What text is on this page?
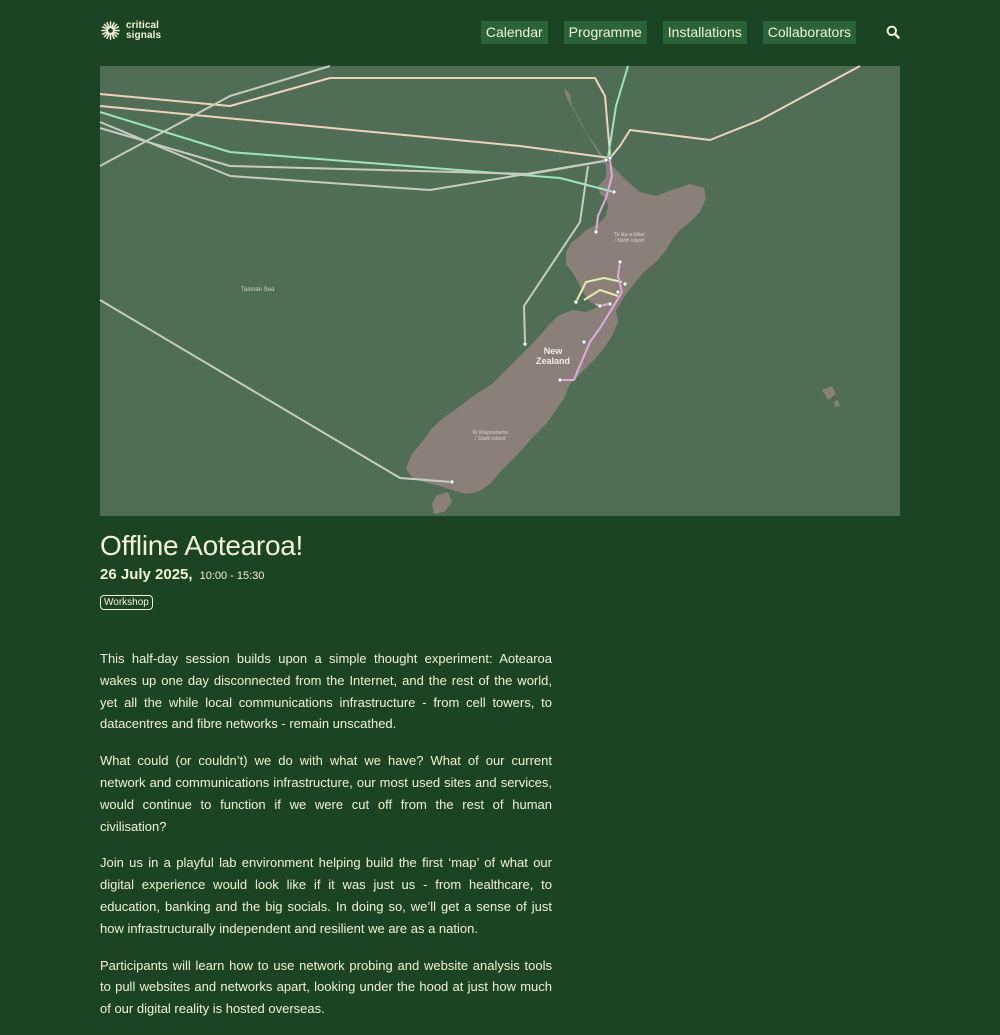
critical
signals	Calendar	Programme	Installations	Collaborators
Tasman Sea
Te Ika-a-Māui
/ North Island
New
Zealand
Te Waipounamu
/ South Island
Offline Aotearoa!
26 July 2025, 10:00 - 15:30
Workshop

This half-day session builds upon a simple thought experiment: Aotearoa wakes up one day disconnected from the Internet, and the rest of the world, yet all the while local communications infrastructure - from cell towers, to datacentres and fibre networks - remain unscathed.

What could (or couldn’t) we do with what we have? What of our current network and communications infrastructure, our most used sites and services, would continue to function if we were cut off from the rest of human civilisation?

Join us in a playful lab environment helping build the first ‘map’ of what our digital experience would look like if it was just us - from healthcare, to education, banking and the big socials. In doing so, we’ll get a sense of just how infrastructurally independent and resilient we are as a nation.

Participants will learn how to use network probing and website analysis tools to pull websites and networks apart, looking under the hood at just how much of our digital reality is hosted overseas.
